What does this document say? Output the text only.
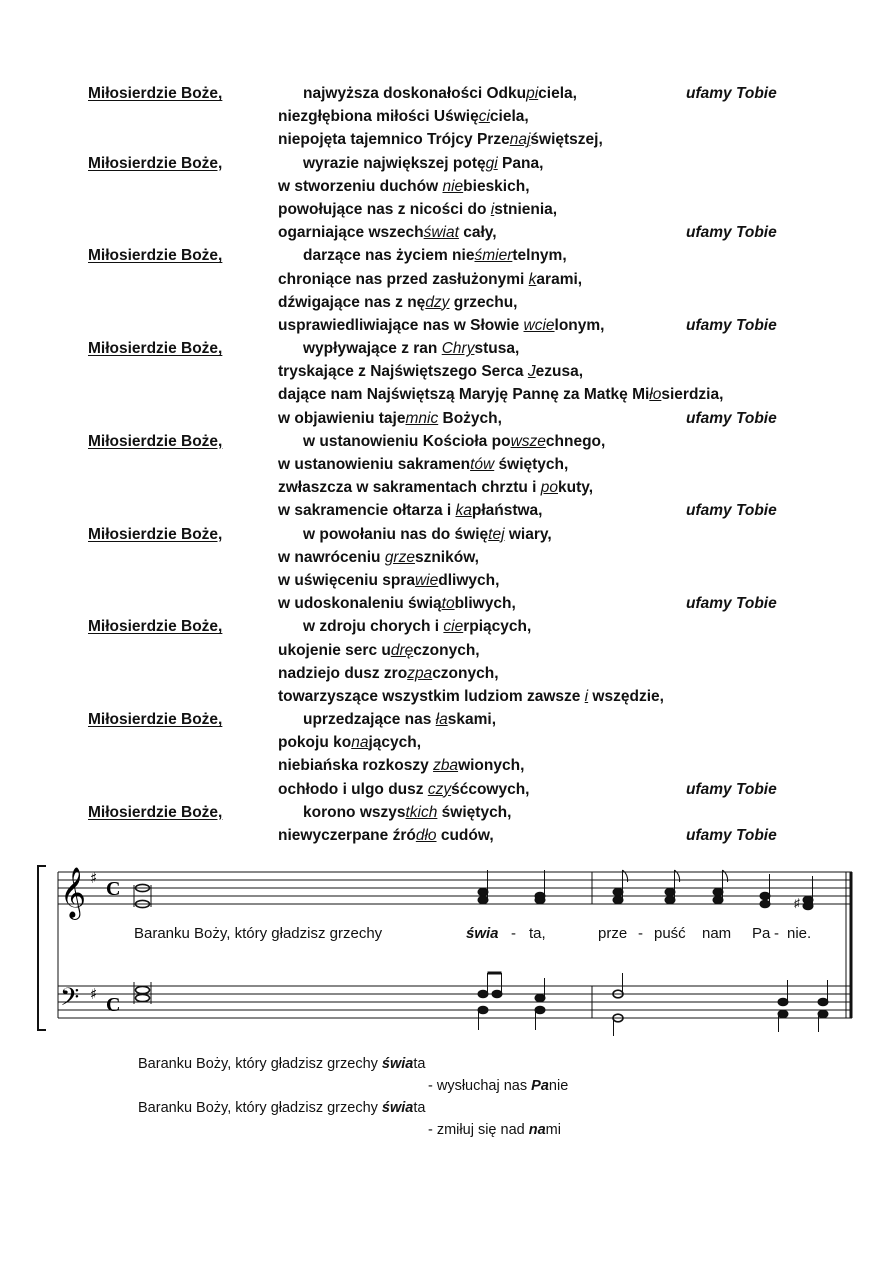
Miłosierdzie Boże,	najwyższa doskonałości Odkupiciela,	ufamy Tobie
niezgłębiona miłości Uświęciciela,
niepojęta tajemnico Trójcy Przenajświętszej,
Miłosierdzie Boże,	wyrazie największej potęgi Pana,
w stworzeniu duchów niebieskich,
powołujące nas z nicości do istnienia,
ogarniające wszechświat cały,	ufamy Tobie
Miłosierdzie Boże,	darzące nas życiem nieśmiertelnym,
chroniące nas przed zasłużonymi karami,
dźwigające nas z nędzy grzechu,
usprawiedliwiające nas w Słowie wcielonym,	ufamy Tobie
Miłosierdzie Boże,	wypływające z ran Chrystusa,
tryskające z Najświętszego Serca Jezusa,
dające nam Najświętszą Maryję Pannę za Matkę Miłosierdzia,
w objawieniu tajemnic Bożych,	ufamy Tobie
Miłosierdzie Boże,	w ustanowieniu Kościoła powszechnego,
w ustanowieniu sakramentów świętych,
zwłaszcza w sakramentach chrztu i pokuty,
w sakramencie ołtarza i kapłaństwa,	ufamy Tobie
Miłosierdzie Boże,	w powołaniu nas do świętej wiary,
w nawróceniu grzeszników,
w uświęceniu sprawiedliwych,
w udoskonaleniu świątobliwych,	ufamy Tobie
Miłosierdzie Boże,	w zdroju chorych i cierpiących,
ukojenie serc udręczonych,
nadziejo dusz zrozpaczonych,
towarzyszące wszystkim ludziom zawsze i wszędzie,
Miłosierdzie Boże,	uprzedzające nas łaskami,
pokoju konających,
niebiańska rozkoszy zbawionych,
ochłodo i ulgo dusz czyśćcowych,	ufamy Tobie
Miłosierdzie Boże,	korono wszystkich świętych,
niewyczerpane źródło cudów,	ufamy Tobie
𝄞
𝄢
♯
♯
C
C
♯
Baranku Boży, który gładzisz grzechy	świa - ta,	prze - puść nam Pa - nie.
Baranku Boży, który gładzisz grzechy świata
- wysłuchaj nas Panie
Baranku Boży, który gładzisz grzechy świata
- zmiłuj się nad nami
